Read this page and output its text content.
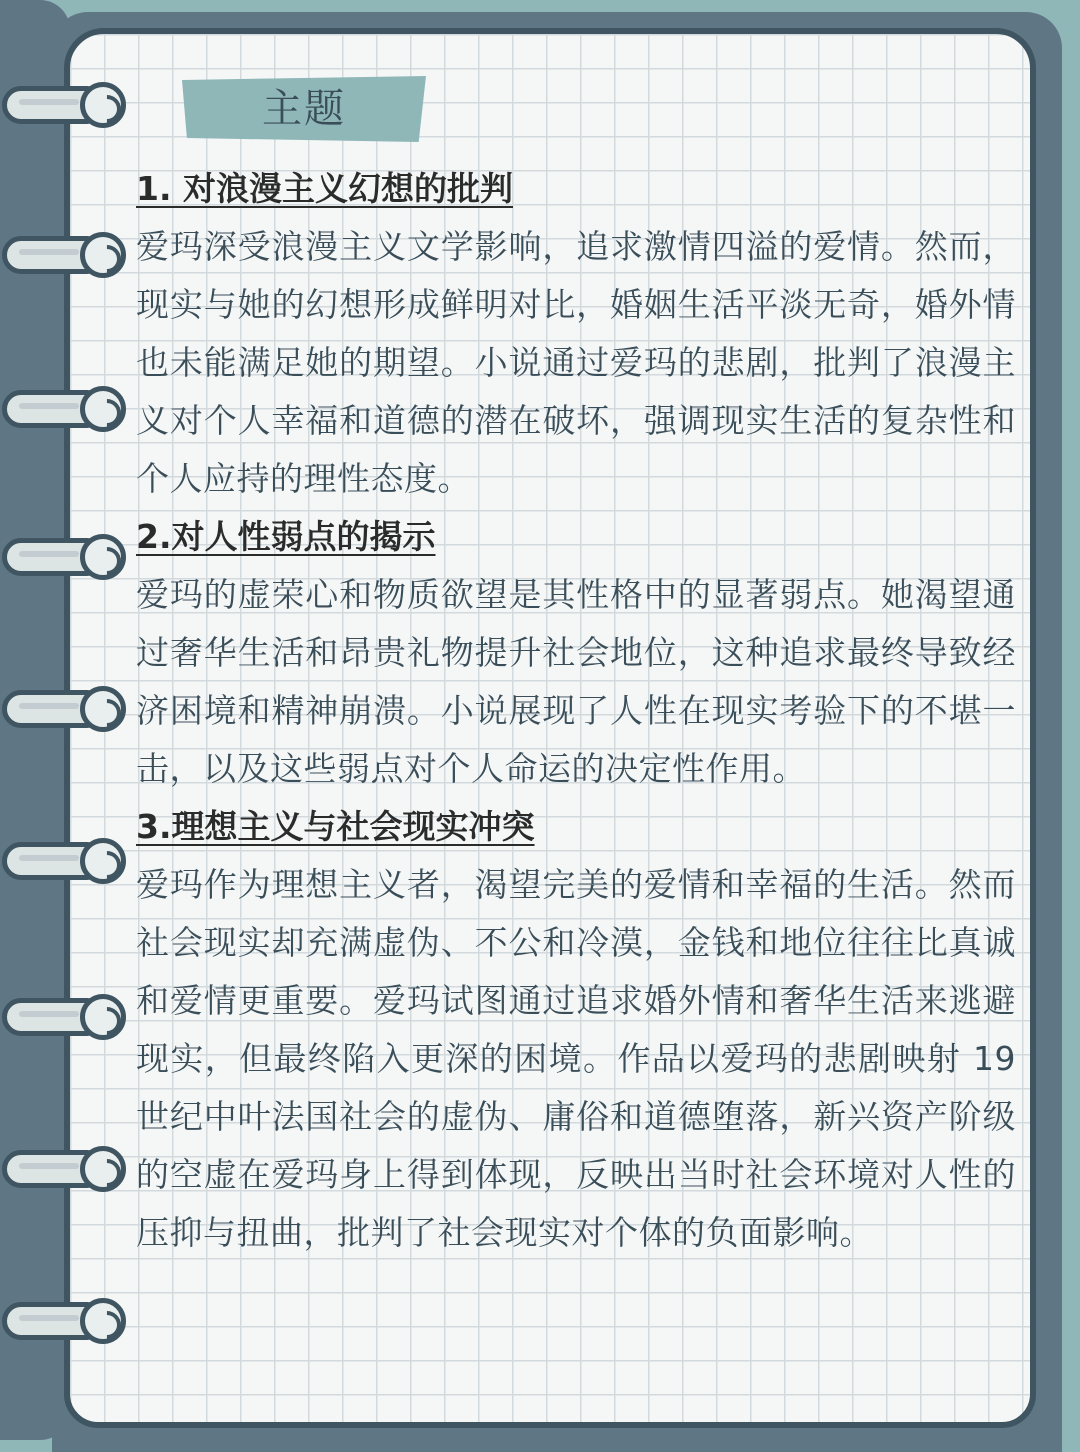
主题
1. 对浪漫主义幻想的批判

爱玛深受浪漫主义文学影响，追求激情四溢的爱情。然而，现实与她的幻想形成鲜明对比，婚姻生活平淡无奇，婚外情也未能满足她的期望。小说通过爱玛的悲剧，批判了浪漫主义对个人幸福和道德的潜在破坏，强调现实生活的复杂性和个人应持的理性态度。

2.对人性弱点的揭示

爱玛的虚荣心和物质欲望是其性格中的显著弱点。她渴望通过奢华生活和昂贵礼物提升社会地位，这种追求最终导致经济困境和精神崩溃。小说展现了人性在现实考验下的不堪一击，以及这些弱点对个人命运的决定性作用。

3.理想主义与社会现实冲突

爱玛作为理想主义者，渴望完美的爱情和幸福的生活。然而社会现实却充满虚伪、不公和冷漠，金钱和地位往往比真诚和爱情更重要。爱玛试图通过追求婚外情和奢华生活来逃避现实，但最终陷入更深的困境。作品以爱玛的悲剧映射 19 世纪中叶法国社会的虚伪、庸俗和道德堕落，新兴资产阶级的空虚在爱玛身上得到体现，反映出当时社会环境对人性的压抑与扭曲，批判了社会现实对个体的负面影响。
